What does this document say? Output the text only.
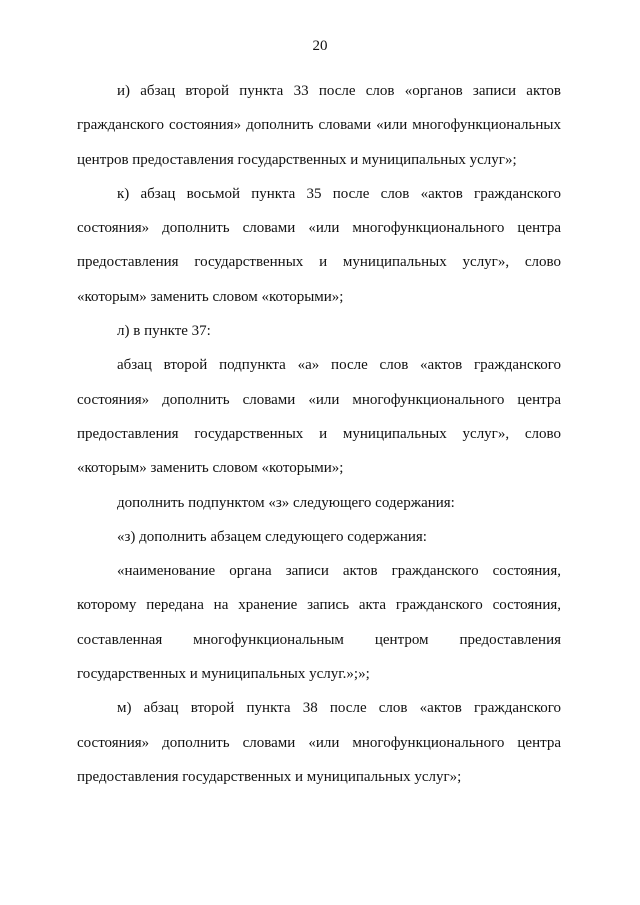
20

и) абзац второй пункта 33 после слов «органов записи актов гражданского состояния» дополнить словами «или многофункциональных центров предоставления государственных и муниципальных услуг»;

к) абзац восьмой пункта 35 после слов «актов гражданского состояния» дополнить словами «или многофункционального центра предоставления государственных и муниципальных услуг», слово «которым» заменить словом «которыми»;

л) в пункте 37:

абзац второй подпункта «а» после слов «актов гражданского состояния» дополнить словами «или многофункционального центра предоставления государственных и муниципальных услуг», слово «которым» заменить словом «которыми»;

дополнить подпунктом «з» следующего содержания:

«з) дополнить абзацем следующего содержания:

«наименование органа записи актов гражданского состояния, которому передана на хранение запись акта гражданского состояния, составленная многофункциональным центром предоставления государственных и муниципальных услуг.»;»;

м) абзац второй пункта 38 после слов «актов гражданского состояния» дополнить словами «или многофункционального центра предоставления государственных и муниципальных услуг»;
